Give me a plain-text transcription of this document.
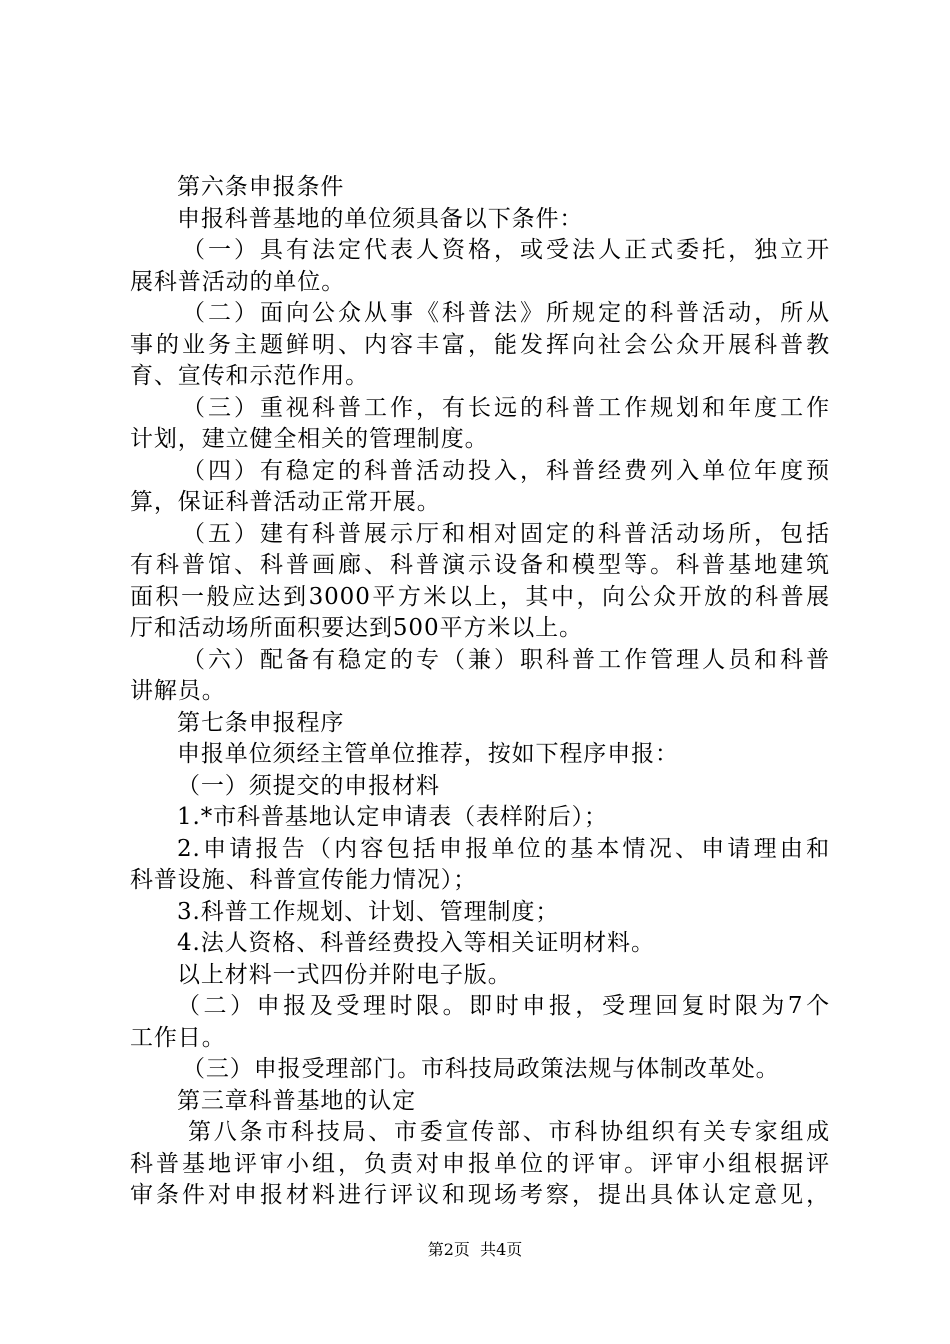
第六条申报条件
申报科普基地的单位须具备以下条件：
（一）具有法定代表人资格，或受法人正式委托，独立开
展科普活动的单位。
（二）面向公众从事《科普法》所规定的科普活动，所从
事的业务主题鲜明、内容丰富，能发挥向社会公众开展科普教
育、宣传和示范作用。
（三）重视科普工作，有长远的科普工作规划和年度工作
计划，建立健全相关的管理制度。
（四）有稳定的科普活动投入，科普经费列入单位年度预
算，保证科普活动正常开展。
（五）建有科普展示厅和相对固定的科普活动场所，包括
有科普馆、科普画廊、科普演示设备和模型等。科普基地建筑
面积一般应达到3000平方米以上，其中，向公众开放的科普展
厅和活动场所面积要达到500平方米以上。
（六）配备有稳定的专（兼）职科普工作管理人员和科普
讲解员。
第七条申报程序
申报单位须经主管单位推荐，按如下程序申报：
（一）须提交的申报材料
1.*市科普基地认定申请表（表样附后）；
2.申请报告（内容包括申报单位的基本情况、申请理由和
科普设施、科普宣传能力情况）；
3.科普工作规划、计划、管理制度；
4.法人资格、科普经费投入等相关证明材料。
以上材料一式四份并附电子版。
（二）申报及受理时限。即时申报，受理回复时限为7个
工作日。
（三）申报受理部门。市科技局政策法规与体制改革处。
第三章科普基地的认定
第八条市科技局、市委宣传部、市科协组织有关专家组成
科普基地评审小组，负责对申报单位的评审。评审小组根据评
审条件对申报材料进行评议和现场考察，提出具体认定意见，
第2页  共4页
